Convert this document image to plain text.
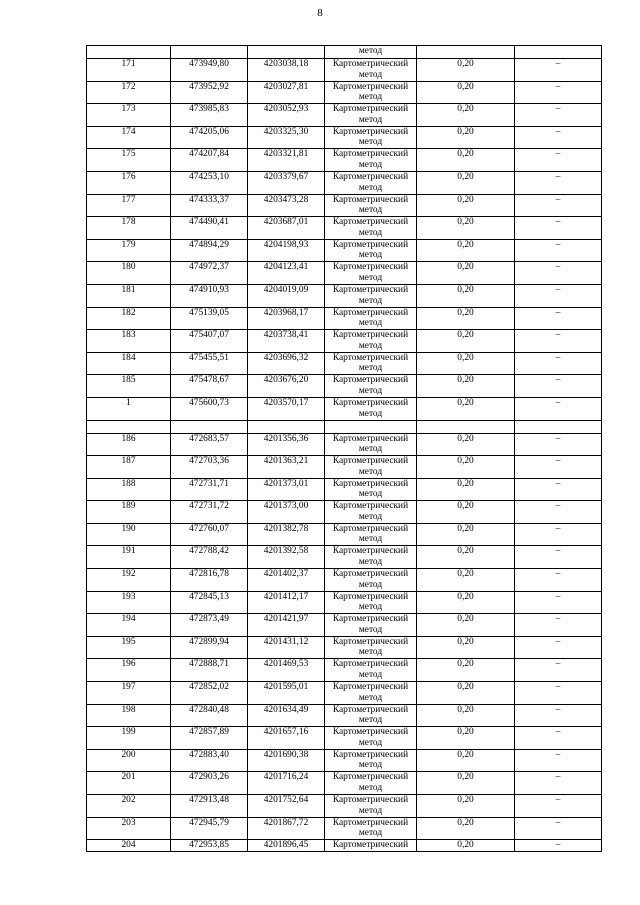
8
			метод		
171	473949,80	4203038,18	Картометрический
метод	0,20	–
172	473952,92	4203027,81	Картометрический
метод	0,20	–
173	473985,83	4203052,93	Картометрический
метод	0,20	–
174	474205,06	4203325,30	Картометрический
метод	0,20	–
175	474207,84	4203321,81	Картометрический
метод	0,20	–
176	474253,10	4203379,67	Картометрический
метод	0,20	–
177	474333,37	4203473,28	Картометрический
метод	0,20	–
178	474490,41	4203687,01	Картометрический
метод	0,20	–
179	474894,29	4204198,93	Картометрический
метод	0,20	–
180	474972,37	4204123,41	Картометрический
метод	0,20	–
181	474910,93	4204019,09	Картометрический
метод	0,20	–
182	475139,05	4203968,17	Картометрический
метод	0,20	–
183	475407,07	4203738,41	Картометрический
метод	0,20	–
184	475455,51	4203696,32	Картометрический
метод	0,20	–
185	475478,67	4203676,20	Картометрический
метод	0,20	–
1	475600,73	4203570,17	Картометрический
метод	0,20	–

186	472683,57	4201356,36	Картометрический
метод	0,20	–
187	472703,36	4201363,21	Картометрический
метод	0,20	–
188	472731,71	4201373,01	Картометрический
метод	0,20	–
189	472731,72	4201373,00	Картометрический
метод	0,20	–
190	472760,07	4201382,78	Картометрический
метод	0,20	–
191	472788,42	4201392,58	Картометрический
метод	0,20	–
192	472816,78	4201402,37	Картометрический
метод	0,20	–
193	472845,13	4201412,17	Картометрический
метод	0,20	–
194	472873,49	4201421,97	Картометрический
метод	0,20	–
195	472899,94	4201431,12	Картометрический
метод	0,20	–
196	472888,71	4201469,53	Картометрический
метод	0,20	–
197	472852,02	4201595,01	Картометрический
метод	0,20	–
198	472840,48	4201634,49	Картометрический
метод	0,20	–
199	472857,89	4201657,16	Картометрический
метод	0,20	–
200	472883,40	4201690,38	Картометрический
метод	0,20	–
201	472903,26	4201716,24	Картометрический
метод	0,20	–
202	472913,48	4201752,64	Картометрический
метод	0,20	–
203	472945,79	4201867,72	Картометрический
метод	0,20	–
204	472953,85	4201896,45	Картометрический	0,20	–
